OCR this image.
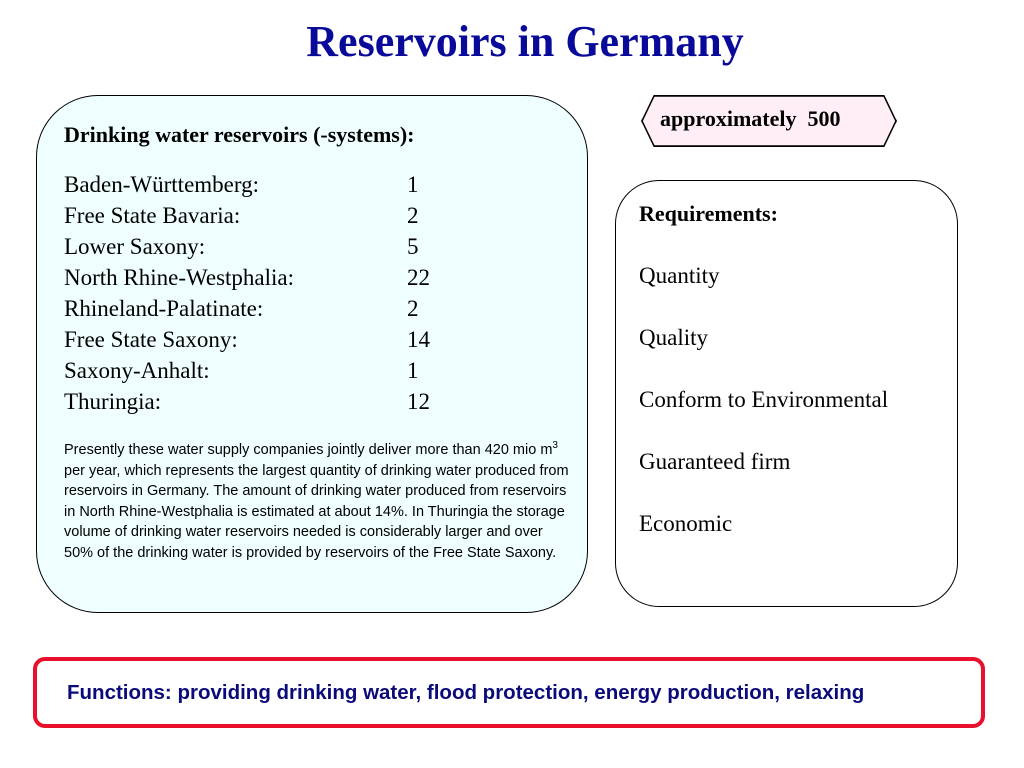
Reservoirs in Germany
Drinking water reservoirs (-systems):
Baden-Württemberg:	1
Free State Bavaria:	2
Lower Saxony:	5
North Rhine-Westphalia:	22
Rhineland-Palatinate:	2
Free State Saxony:	14
Saxony-Anhalt:	1
Thuringia:	12
Presently these water supply companies jointly deliver more than 420 mio $m^3$ per year, which represents the largest quantity of drinking water produced from reservoirs in Germany. The amount of drinking water produced from reservoirs in North Rhine-Westphalia is estimated at about 14%. In Thuringia the storage volume of drinking water reservoirs needed is considerably larger and over 50% of the drinking water is provided by reservoirs of the Free State Saxony.
approximately  500
Requirements:
Quantity
Quality
Conform to Environmental
Guaranteed firm
Economic
Functions: providing drinking water, flood protection, energy production, relaxing
